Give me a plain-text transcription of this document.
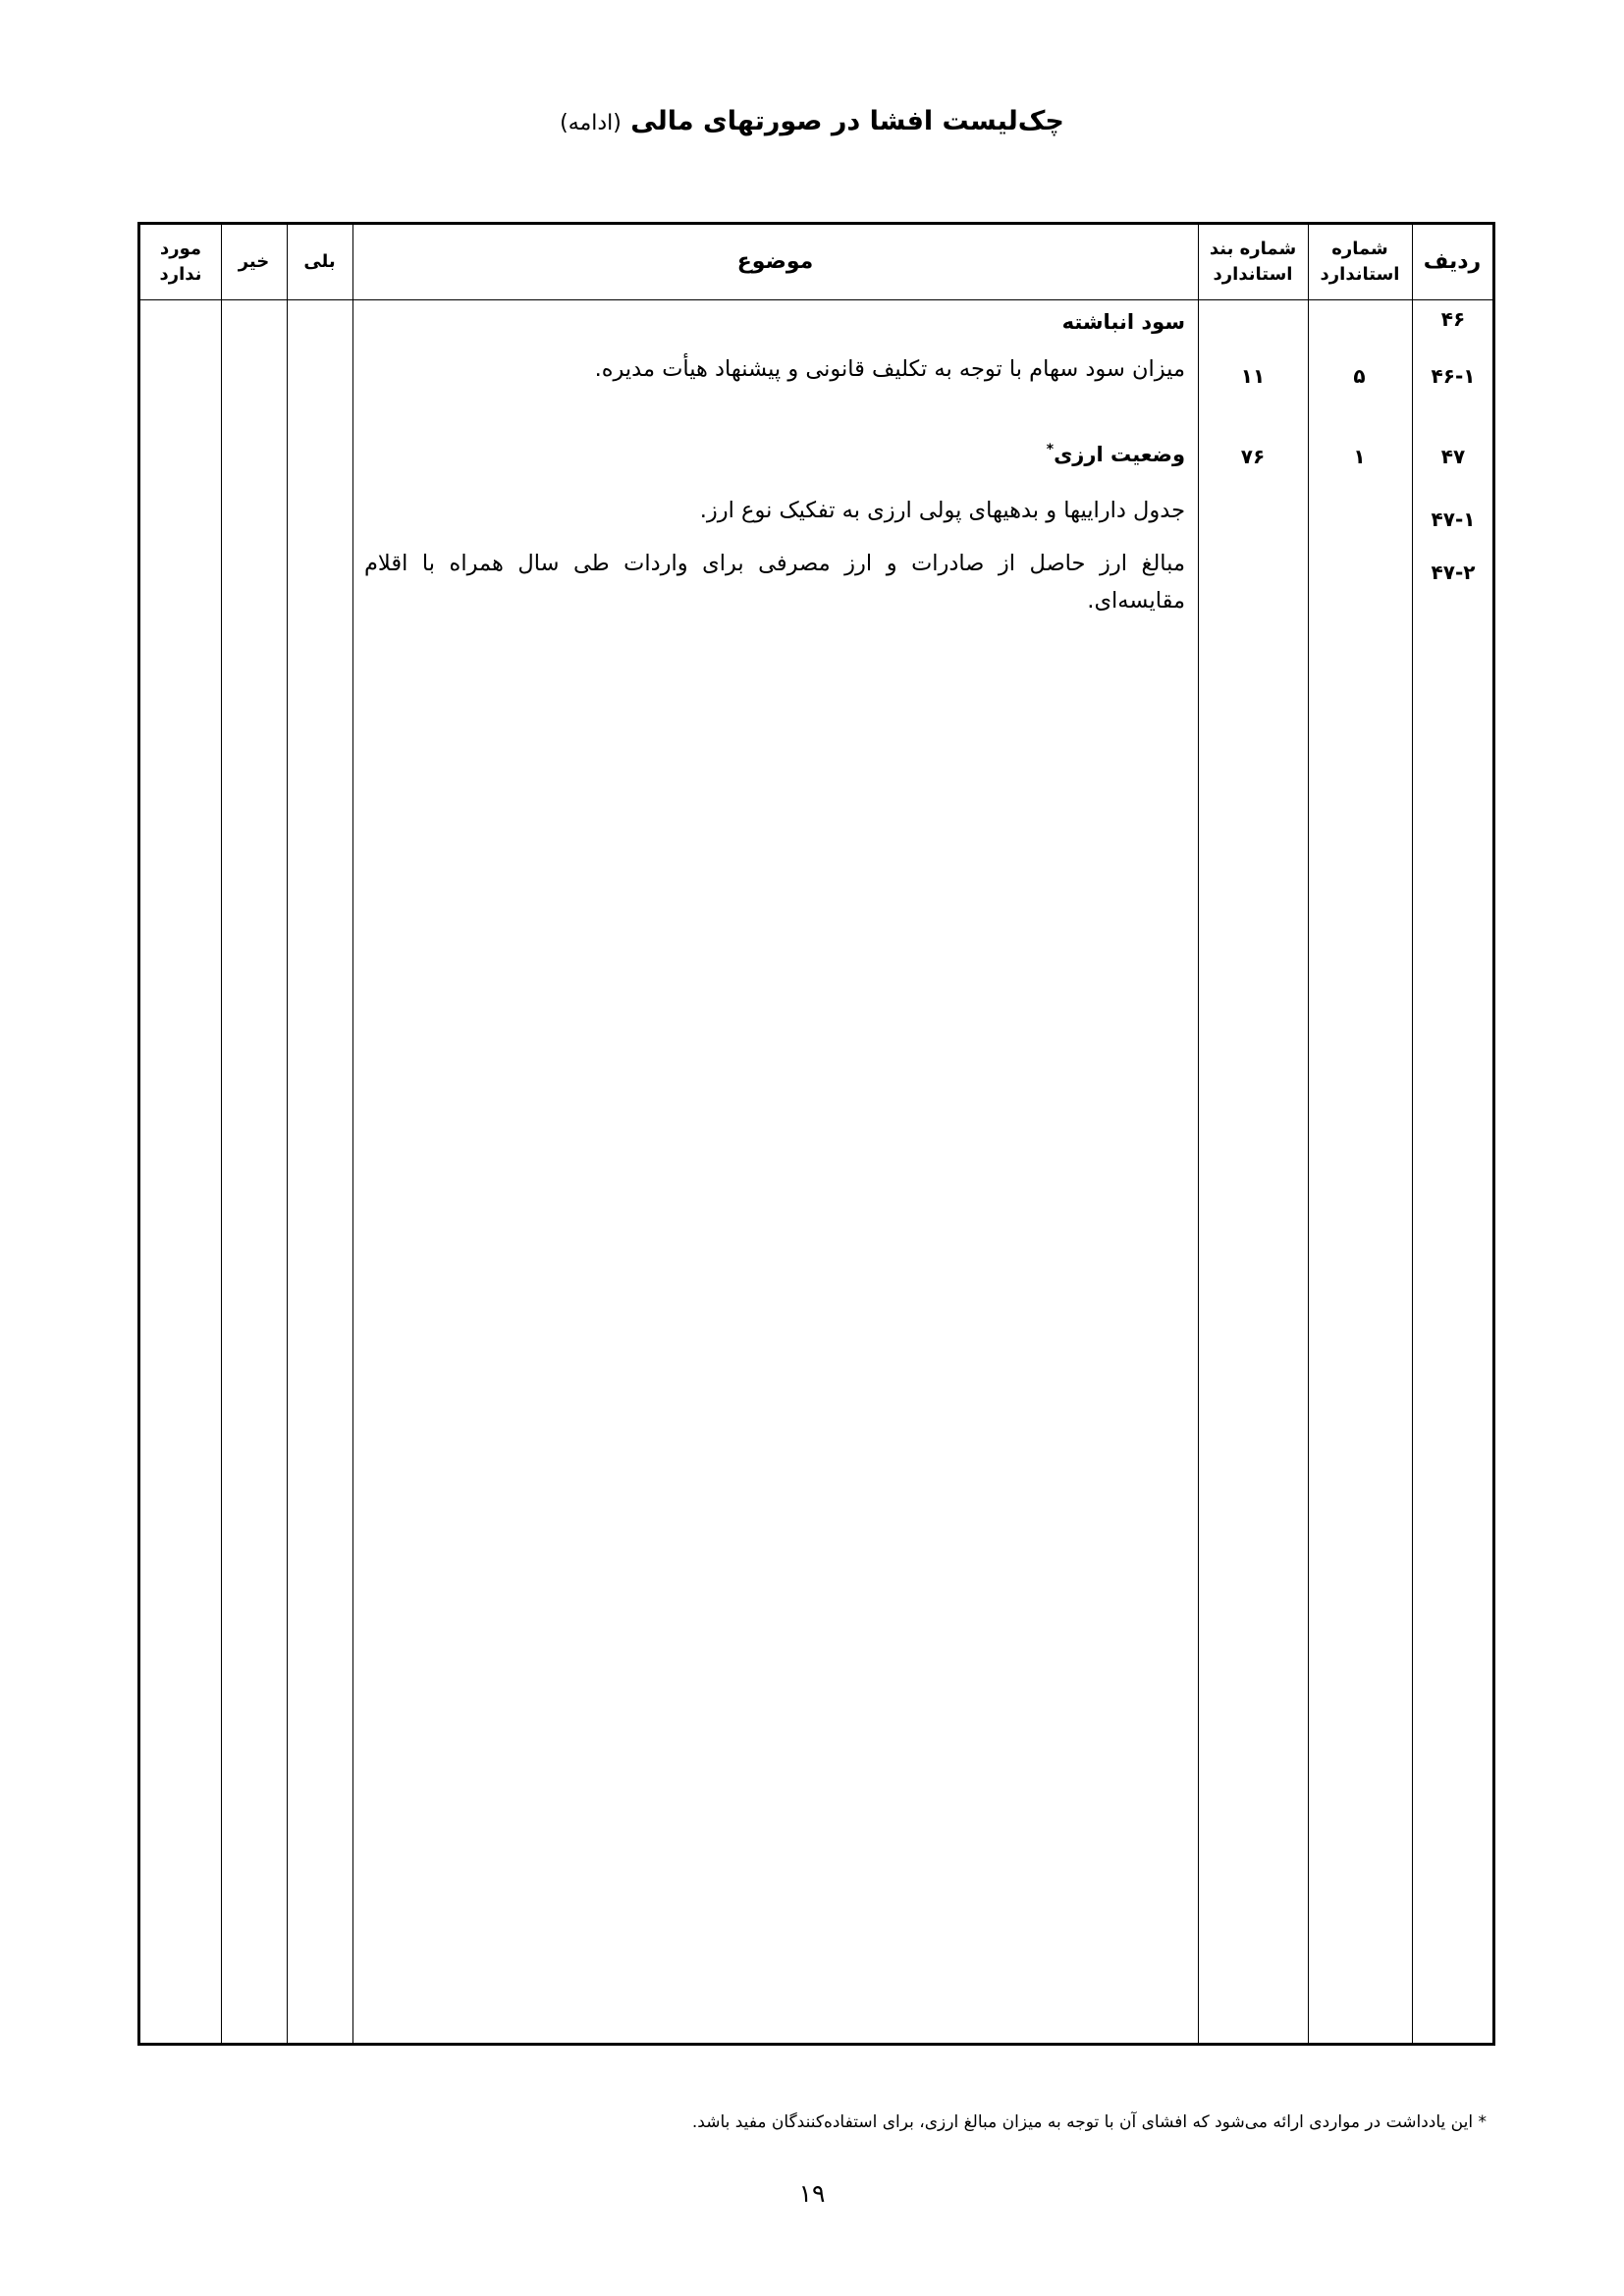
چک‌لیست افشا در صورتهای مالی (ادامه)
مورد
ندارد
خیر	بلی	موضوع
شماره بند
استاندارد
شماره
استاندارد
ردیف
۴۶
سود انباشته
۴۶-۱
۵
۱۱
میزان سود سهام با توجه به تکلیف قانونی و پیشنهاد هیأت مدیره.
۴۷
۱
۷۶
وضعیت ارزی*
۴۷-۱
جدول داراییها و بدهیهای پولی ارزی به تفکیک نوع ارز.
۴۷-۲
مبالغ ارز حاصل از صادرات و ارز مصرفی برای واردات طی سال همراه با اقلام مقایسه‌ای.
* این یادداشت در مواردی ارائه می‌شود که افشای آن با توجه به میزان مبالغ ارزی، برای استفاده‌کنندگان مفید باشد.
۱۹
